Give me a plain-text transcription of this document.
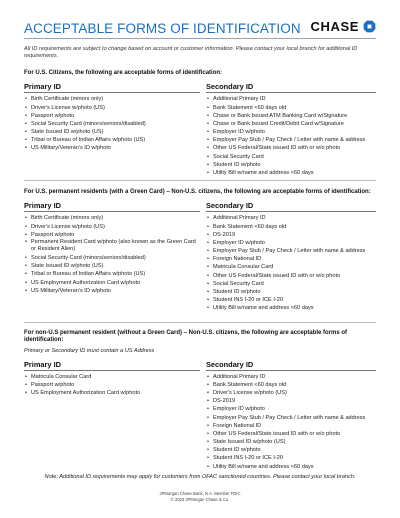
ACCEPTABLE FORMS OF IDENTIFICATION CHASE
All ID requirements are subject to change based on account or customer information. Please contact your local branch for additional ID requirements.
For U.S. Citizens, the following are acceptable forms of identification:
Primary ID
• Birth Certificate (minors only)
• Driver's License w/photo (US)
• Passport w/photo
• Social Security Card (minors/seniors/disabled)
• State Issued ID w/photo (US)
• Tribal or Bureau of Indian Affairs w/photo (US)
• US Military/Veteran's ID w/photo
Secondary ID
• Additional Primary ID
• Bank Statement <60 days old
• Chase or Bank Issued ATM Banking Card w/Signature
• Chase or Bank Issued Credit/Debit Card w/Signature
• Employer ID w/photo
• Employer Pay Stub / Pay Check / Letter with name & address
• Other US Federal/State issued ID with or w/o photo
• Social Security Card
• Student ID w/photo
• Utility Bill w/name and address <60 days
For U.S. permanent residents (with a Green Card) – Non-U.S. citizens, the following are acceptable forms of identification:
Primary ID
• Birth Certificate (minors only)
• Driver's License w/photo (US)
• Passport w/photo
• Permanent Resident Card w/photo (also known as the Green Card or Resident Alien)
• Social Security Card (minors/seniors/disabled)
• State Issued ID w/photo (US)
• Tribal or Bureau of Indian Affairs w/photo (US)
• US Employment Authorization Card w/photo
• US Military/Veteran's ID w/photo
Secondary ID
• Additional Primary ID
• Bank Statement <60 days old
• DS-2019
• Employer ID w/photo
• Employer Pay Stub / Pay Check / Letter with name & address
• Foreign National ID
• Matricula Consular Card
• Other US Federal/State issued ID with or w/o photo
• Social Security Card
• Student ID w/photo
• Student INS I-20 or ICE I-20
• Utility Bill w/name and address <60 days
For non-U.S permanent resident (without a Green Card) – Non-U.S. citizens, the following are acceptable forms of identification:
Primary or Secondary ID must contain a US Address
Primary ID
• Matricula Consular Card
• Passport w/photo
• US Employment Authorization Card w/photo
Secondary ID
• Additional Primary ID
• Bank Statement <60 days old
• Driver's License w/photo (US)
• DS-2019
• Employer ID w/photo
• Employer Pay Stub / Pay Check / Letter with name & address
• Foreign National ID
• Other US Federal/State issued ID with or w/o photo
• State Issued ID w/photo (US)
• Student ID w/photo
• Student INS I-20 or ICE I-20
• Utility Bill w/name and address <60 days
Note: Additional ID requirements may apply for customers from OFAC sanctioned countries. Please contact your local branch.
JPMorgan Chase Bank, N.A. Member FDIC
© 2023 JPMorgan Chase & Co.
